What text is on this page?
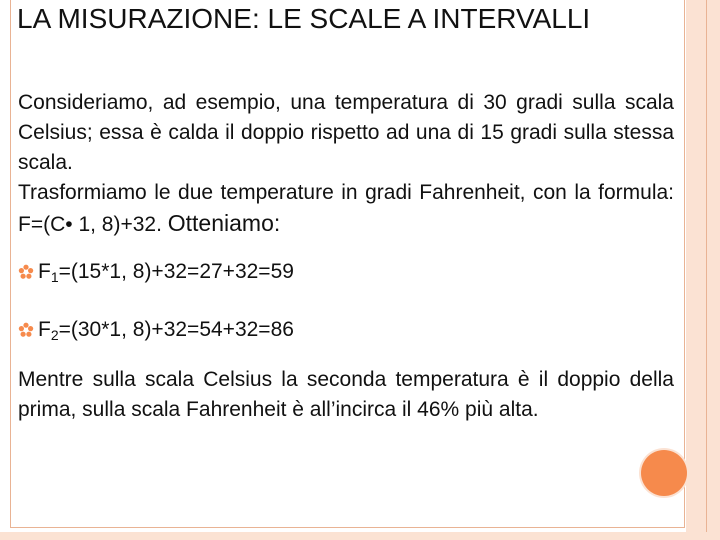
LA MISURAZIONE: LE SCALE A INTERVALLI

Consideriamo, ad esempio, una temperatura di 30 gradi sulla scala Celsius; essa è calda il doppio rispetto ad una di 15 gradi sulla stessa scala.

Trasformiamo le due temperature in gradi Fahrenheit, con la formula: F=(C• 1, 8)+32. Otteniamo:

$F_1=(15*1$, 8)+32=27+32=59
$F_2=(30*1$, 8)+32=54+32=86

Mentre sulla scala Celsius la seconda temperatura è il doppio della prima, sulla scala Fahrenheit è all’incirca il 46% più alta.
